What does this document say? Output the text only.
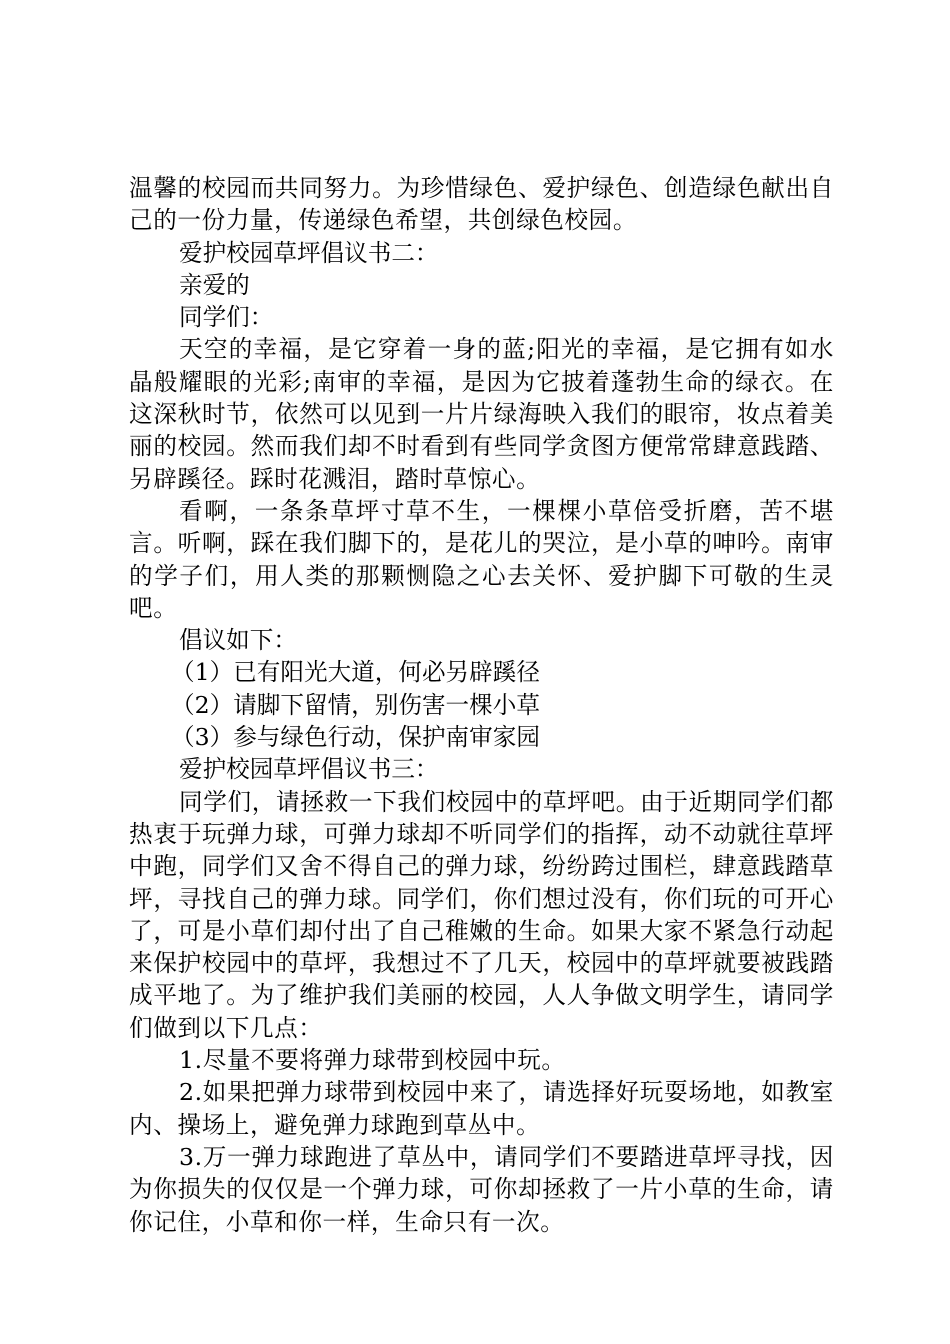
温馨的校园而共同努力。为珍惜绿色、爱护绿色、创造绿色献出自己的一份力量，传递绿色希望，共创绿色校园。

爱护校园草坪倡议书二：

亲爱的

同学们：

天空的幸福，是它穿着一身的蓝;阳光的幸福，是它拥有如水晶般耀眼的光彩;南审的幸福，是因为它披着蓬勃生命的绿衣。在这深秋时节，依然可以见到一片片绿海映入我们的眼帘，妆点着美丽的校园。然而我们却不时看到有些同学贪图方便常常肆意践踏、另辟蹊径。踩时花溅泪，踏时草惊心。

看啊，一条条草坪寸草不生，一棵棵小草倍受折磨，苦不堪言。听啊，踩在我们脚下的，是花儿的哭泣，是小草的呻吟。南审的学子们，用人类的那颗恻隐之心去关怀、爱护脚下可敬的生灵吧。

倡议如下：

（1）已有阳光大道，何必另辟蹊径

（2）请脚下留情，别伤害一棵小草

（3）参与绿色行动，保护南审家园

爱护校园草坪倡议书三：

同学们，请拯救一下我们校园中的草坪吧。由于近期同学们都热衷于玩弹力球，可弹力球却不听同学们的指挥，动不动就往草坪中跑，同学们又舍不得自己的弹力球，纷纷跨过围栏，肆意践踏草坪，寻找自己的弹力球。同学们，你们想过没有，你们玩的可开心了，可是小草们却付出了自己稚嫩的生命。如果大家不紧急行动起来保护校园中的草坪，我想过不了几天，校园中的草坪就要被践踏成平地了。为了维护我们美丽的校园，人人争做文明学生，请同学们做到以下几点：

1.尽量不要将弹力球带到校园中玩。

2.如果把弹力球带到校园中来了，请选择好玩耍场地，如教室内、操场上，避免弹力球跑到草丛中。

3.万一弹力球跑进了草丛中，请同学们不要踏进草坪寻找，因为你损失的仅仅是一个弹力球，可你却拯救了一片小草的生命，请你记住，小草和你一样，生命只有一次。
